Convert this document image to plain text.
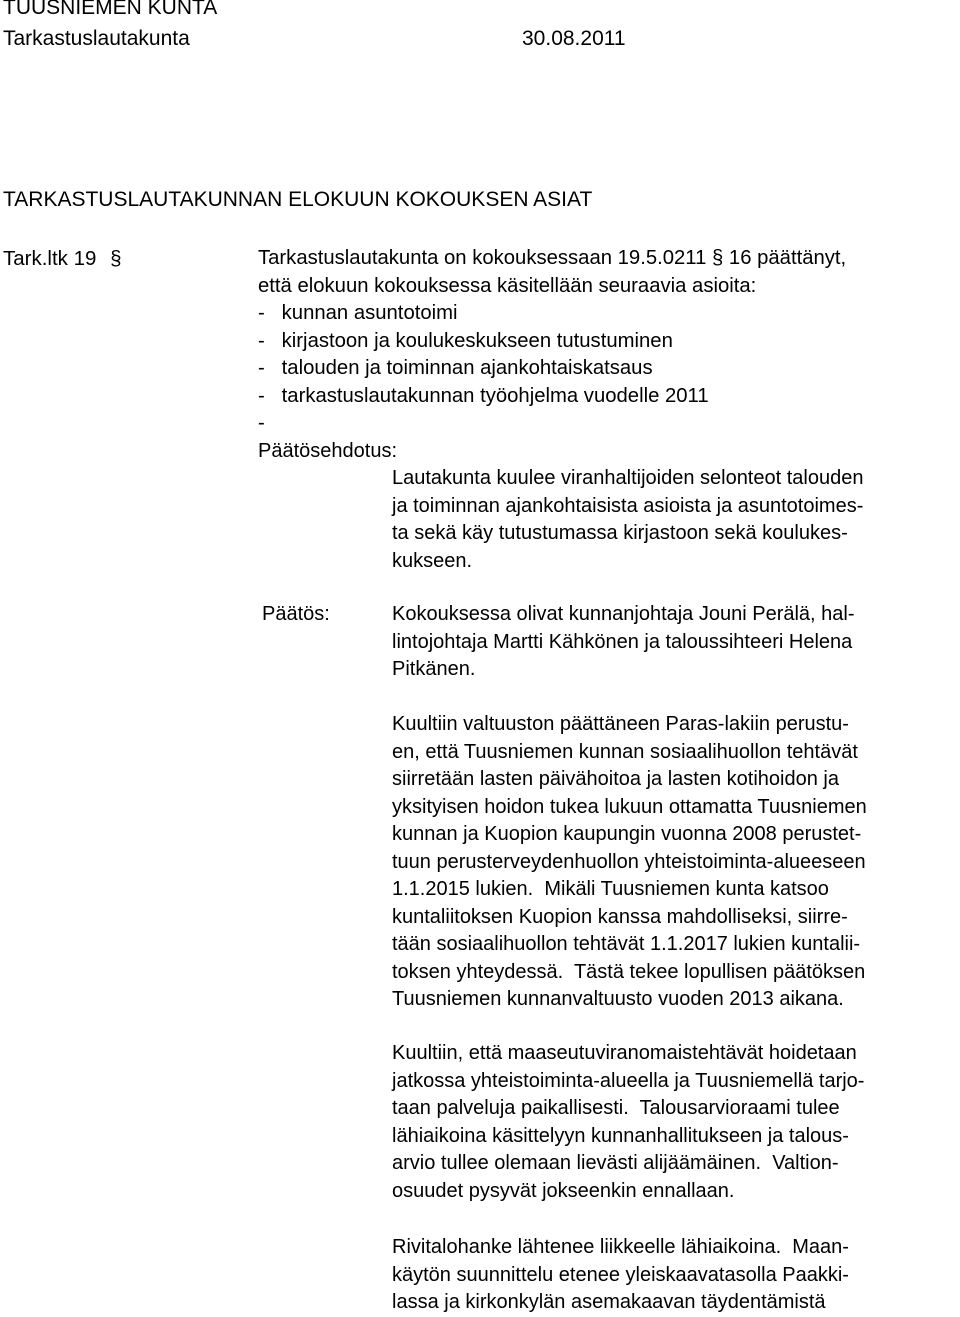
TUUSNIEMEN KUNTA
Tarkastuslautakunta	30.08.2011
TARKASTUSLAUTAKUNNAN ELOKUUN KOKOUKSEN ASIAT
Tark.ltk 19 §	Tarkastuslautakunta on kokouksessaan 19.5.0211 § 16 päättänyt,
että elokuun kokouksessa käsitellään seuraavia asioita:
-   kunnan asuntotoimi
-   kirjastoon ja koulukeskukseen tutustuminen
-   talouden ja toiminnan ajankohtaiskatsaus
-   tarkastuslautakunnan työohjelma vuodelle 2011
-
Päätösehdotus:
Lautakunta kuulee viranhaltijoiden selonteot talouden
ja toiminnan ajankohtaisista asioista ja asuntotoimes-
ta sekä käy tutustumassa kirjastoon sekä koulukes-
kukseen.
Päätös:	Kokouksessa olivat kunnanjohtaja Jouni Perälä, hal-
lintojohtaja Martti Kähkönen ja taloussihteeri Helena
Pitkänen.
Kuultiin valtuuston päättäneen Paras-lakiin perustu-
en, että Tuusniemen kunnan sosiaalihuollon tehtävät
siirretään lasten päivähoitoa ja lasten kotihoidon ja
yksityisen hoidon tukea lukuun ottamatta Tuusniemen
kunnan ja Kuopion kaupungin vuonna 2008 perustet-
tuun perusterveydenhuollon yhteistoiminta-alueeseen
1.1.2015 lukien.  Mikäli Tuusniemen kunta katsoo
kuntaliitoksen Kuopion kanssa mahdolliseksi, siirre-
tään sosiaalihuollon tehtävät 1.1.2017 lukien kuntalii-
toksen yhteydessä.  Tästä tekee lopullisen päätöksen
Tuusniemen kunnanvaltuusto vuoden 2013 aikana.
Kuultiin, että maaseutuviranomaistehtävät hoidetaan
jatkossa yhteistoiminta-alueella ja Tuusniemellä tarjo-
taan palveluja paikallisesti.  Talousarvioraami tulee
lähiaikoina käsittelyyn kunnanhallitukseen ja talous-
arvio tullee olemaan lievästi alijäämäinen.  Valtion-
osuudet pysyvät jokseenkin ennallaan.
Rivitalohanke lähtenee liikkeelle lähiaikoina.  Maan-
käytön suunnittelu etenee yleiskaavatasolla Paakki-
lassa ja kirkonkylän asemakaavan täydentämistä
